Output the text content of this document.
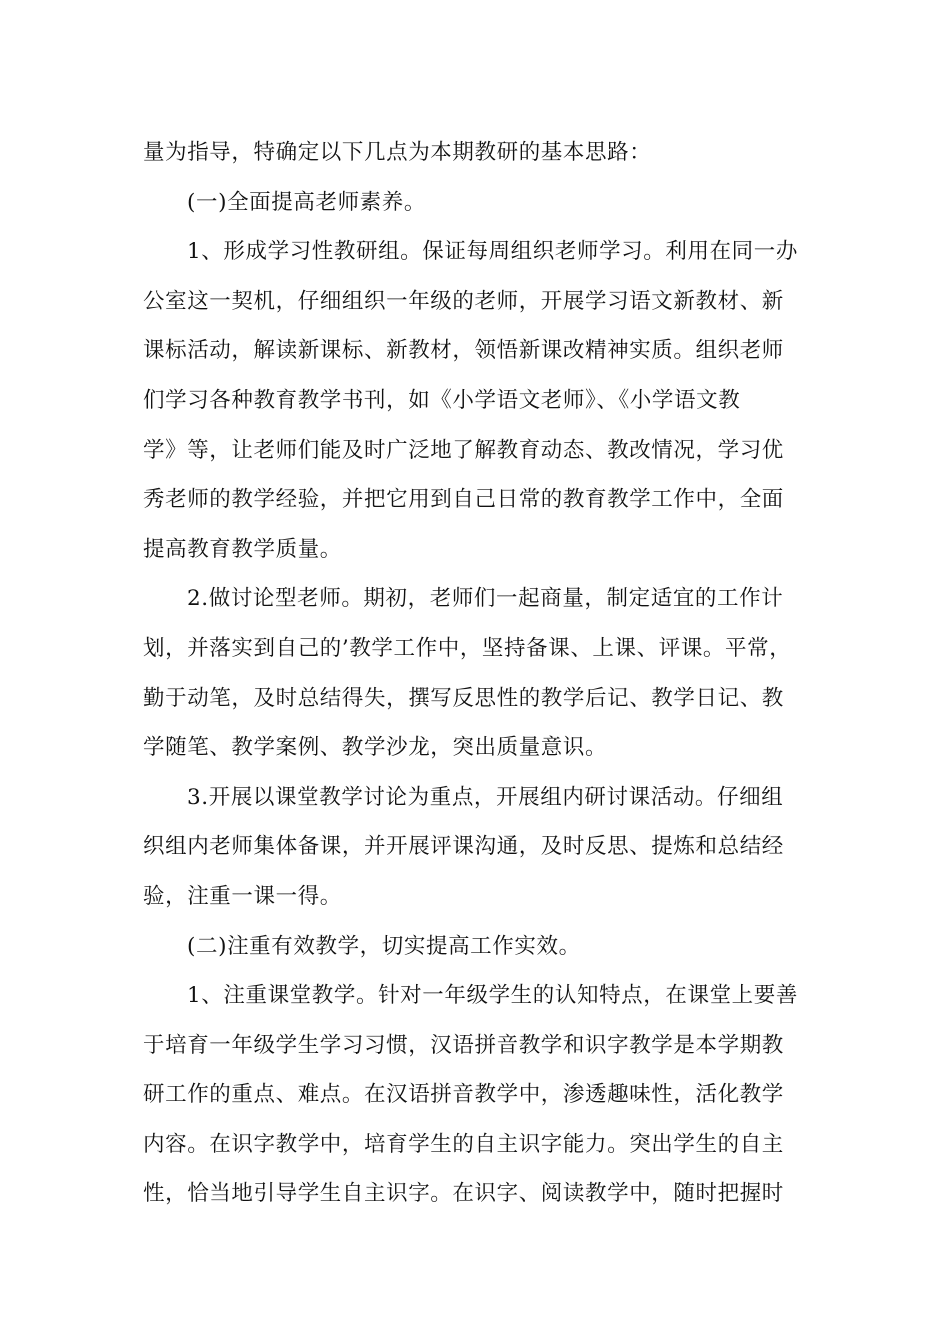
量为指导，特确定以下几点为本期教研的基本思路：
(一)全面提高老师素养。
1、形成学习性教研组。保证每周组织老师学习。利用在同一办
公室这一契机，仔细组织一年级的老师，开展学习语文新教材、新
课标活动，解读新课标、新教材，领悟新课改精神实质。组织老师
们学习各种教育教学书刊，如《小学语文老师》、《小学语文教
学》等，让老师们能及时广泛地了解教育动态、教改情况，学习优
秀老师的教学经验，并把它用到自己日常的教育教学工作中，全面
提高教育教学质量。
2.做讨论型老师。期初，老师们一起商量，制定适宜的工作计
划，并落实到自己的’教学工作中，坚持备课、上课、评课。平常，
勤于动笔，及时总结得失，撰写反思性的教学后记、教学日记、教
学随笔、教学案例、教学沙龙，突出质量意识。
3.开展以课堂教学讨论为重点，开展组内研讨课活动。仔细组
织组内老师集体备课，并开展评课沟通，及时反思、提炼和总结经
验，注重一课一得。
(二)注重有效教学，切实提高工作实效。
1、注重课堂教学。针对一年级学生的认知特点，在课堂上要善
于培育一年级学生学习习惯，汉语拼音教学和识字教学是本学期教
研工作的重点、难点。在汉语拼音教学中，渗透趣味性，活化教学
内容。在识字教学中，培育学生的自主识字能力。突出学生的自主
性，恰当地引导学生自主识字。在识字、阅读教学中，随时把握时
